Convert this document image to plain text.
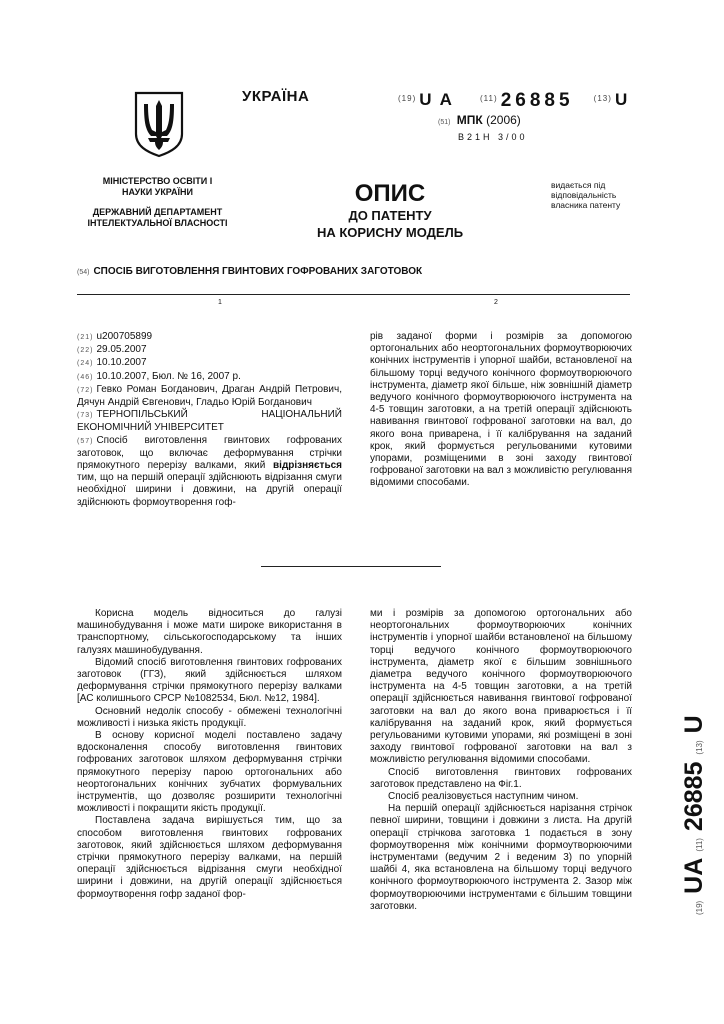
УКРАЇНА	(19) UA	(11) 26885	(13) U
(51) МПК (2006)
B21H 3/00
МІНІСТЕРСТВО ОСВІТИ І НАУКИ УКРАЇНИ
ДЕРЖАВНИЙ ДЕПАРТАМЕНТ ІНТЕЛЕКТУАЛЬНОЇ ВЛАСНОСТІ
ОПИС
ДО ПАТЕНТУ
НА КОРИСНУ МОДЕЛЬ
видається під відповідальність власника патенту
(54) СПОСІБ ВИГОТОВЛЕННЯ ГВИНТОВИХ ГОФРОВАНИХ ЗАГОТОВОК
1	2
(21) u200705899
(22) 29.05.2007
(24) 10.10.2007
(46) 10.10.2007, Бюл. № 16, 2007 р.
(72) Гевко Роман Богданович, Драган Андрій Петрович, Дячун Андрій Євгенович, Гладьо Юрій Богданович
(73) ТЕРНОПІЛЬСЬКИЙ НАЦІОНАЛЬНИЙ ЕКОНОМІЧНИЙ УНІВЕРСИТЕТ
(57) Спосіб виготовлення гвинтових гофрованих заготовок, що включає деформування стрічки прямокутного перерізу валками, який відрізняється тим, що на першій операції здійснюють відрізання смуги необхідної ширини і довжини, на другій операції здійснюють формоутворення гоф-

рів заданої форми і розмірів за допомогою ортогональних або неортогональних формоутворюючих конічних інструментів і упорної шайби, встановленої на більшому торці ведучого конічного формоутворюючого інструмента, діаметр якої більше, ніж зовнішній діаметр ведучого конічного формоутворюючого інструмента на 4-5 товщин заготовки, а на третій операції здійснюють навивання гвинтової гофрованої заготовки на вал, до якого вона приварена, і її калібрування на заданий крок, який формується регульованими кутовими упорами, розміщеними в зоні заходу гвинтової гофрованої заготовки на вал з можливістю регулювання відомими способами.

Корисна модель відноситься до галузі машинобудування і може мати широке використання в транспортному, сільськогосподарському та інших галузях машинобудування.

Відомий спосіб виготовлення гвинтових гофрованих заготовок (ГГЗ), який здійснюється шляхом деформування стрічки прямокутного перерізу валками [АС колишнього СРСР №1082534, Бюл. №12, 1984].

Основний недолік способу - обмежені технологічні можливості і низька якість продукції.

В основу корисної моделі поставлено задачу вдосконалення способу виготовлення гвинтових гофрованих заготовок шляхом деформування стрічки прямокутного перерізу парою ортогональних або неортогональних конічних зубчатих формувальних інструментів, що дозволяє розширити технологічні можливості і покращити якість продукції.

Поставлена задача вирішується тим, що за способом виготовлення гвинтових гофрованих заготовок, який здійснюється шляхом деформування стрічки прямокутного перерізу валками, на першій операції здійснюється відрізання смуги необхідної ширини і довжини, на другій операції здійснюється формоутворення гофр заданої фор-

ми і розмірів за допомогою ортогональних або неортогональних формоутворюючих конічних інструментів і упорної шайби встановленої на більшому торці ведучого конічного формоутворюючого інструмента, діаметр якої є більшим зовнішнього діаметра ведучого конічного формоутворюючого інструмента на 4-5 товщин заготовки, а на третій операції здійснюється навивання гвинтової гофрованої заготовки на вал до якого вона приварюється і її калібрування на заданий крок, який формується регульованими кутовими упорами, які розміщені в зоні заходу гвинтової гофрованої заготовки на вал з можливістю регулювання відомими способами.

Спосіб виготовлення гвинтових гофрованих заготовок представлено на Фіг.1.

Спосіб реалізовується наступним чином.

На першій операції здійснюється нарізання стрічок певної ширини, товщини і довжини з листа. На другій операції стрічкова заготовка 1 подається в зону формоутворення між конічними формоутворюючими інструментами (ведучим 2 і веденим 3) по упорній шайбі 4, яка встановлена на більшому торці ведучого конічного формоутворюючого інструмента 2. Зазор між формоутворюючими інструментами є більшим товщини заготовки.	(19) UA (11) 26885 (13) U
